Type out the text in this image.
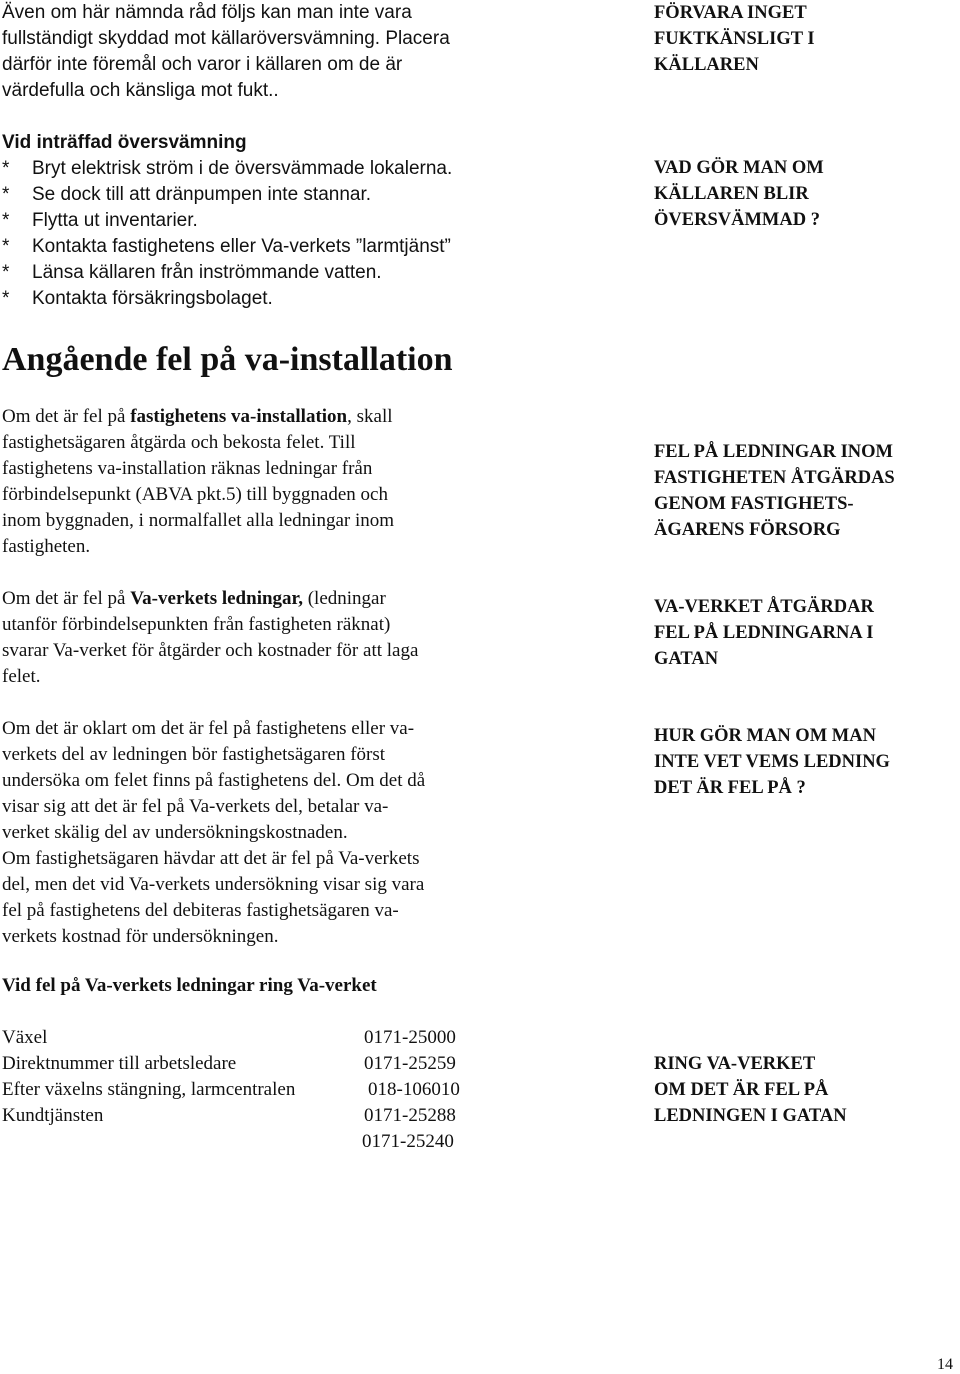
Även om här nämnda råd följs kan man inte vara
fullständigt skyddad mot källaröversvämning. Placera
därför inte föremål och varor i källaren om de är
värdefulla och känsliga mot fukt..
Vid inträffad översvämning
* Bryt elektrisk ström i de översvämmade lokalerna.
* Se dock till att dränpumpen inte stannar.
* Flytta ut inventarier.
* Kontakta fastighetens eller Va-verkets ”larmtjänst”
* Länsa källaren från inströmmande vatten.
* Kontakta försäkringsbolaget.
Angående fel på va-installation
Om det är fel på fastighetens va-installation, skall
fastighetsägaren åtgärda och bekosta felet. Till
fastighetens va-installation räknas ledningar från
förbindelsepunkt (ABVA pkt.5) till byggnaden och
inom byggnaden, i normalfallet alla ledningar inom
fastigheten.
Om det är fel på Va-verkets ledningar, (ledningar
utanför förbindelsepunkten från fastigheten räknat)
svarar Va-verket för åtgärder och kostnader för att laga
felet.
Om det är oklart om det är fel på fastighetens eller va-
verkets del av ledningen bör fastighetsägaren först
undersöka om felet finns på fastighetens del. Om det då
visar sig att det är fel på Va-verkets del, betalar va-
verket skälig del av undersökningskostnaden.
Om fastighetsägaren hävdar att det är fel på Va-verkets
del, men det vid Va-verkets undersökning visar sig vara
fel på fastighetens del debiteras fastighetsägaren va-
verkets kostnad för undersökningen.
Vid fel på Va-verkets ledningar ring Va-verket
Växel	0171-25000
Direktnummer till arbetsledare	0171-25259
Efter växelns stängning, larmcentralen	018-106010
Kundtjänsten	0171-25288
0171-25240
FÖRVARA INGET
FUKTKÄNSLIGT I
KÄLLAREN
VAD GÖR MAN OM
KÄLLAREN BLIR
ÖVERSVÄMMAD ?
FEL PÅ LEDNINGAR INOM
FASTIGHETEN ÅTGÄRDAS
GENOM FASTIGHETS-
ÄGARENS FÖRSORG
VA-VERKET ÅTGÄRDAR
FEL PÅ LEDNINGARNA I
GATAN
HUR GÖR MAN OM MAN
INTE VET VEMS LEDNING
DET ÄR FEL PÅ ?
RING VA-VERKET
OM DET ÄR FEL PÅ
LEDNINGEN I GATAN
14
